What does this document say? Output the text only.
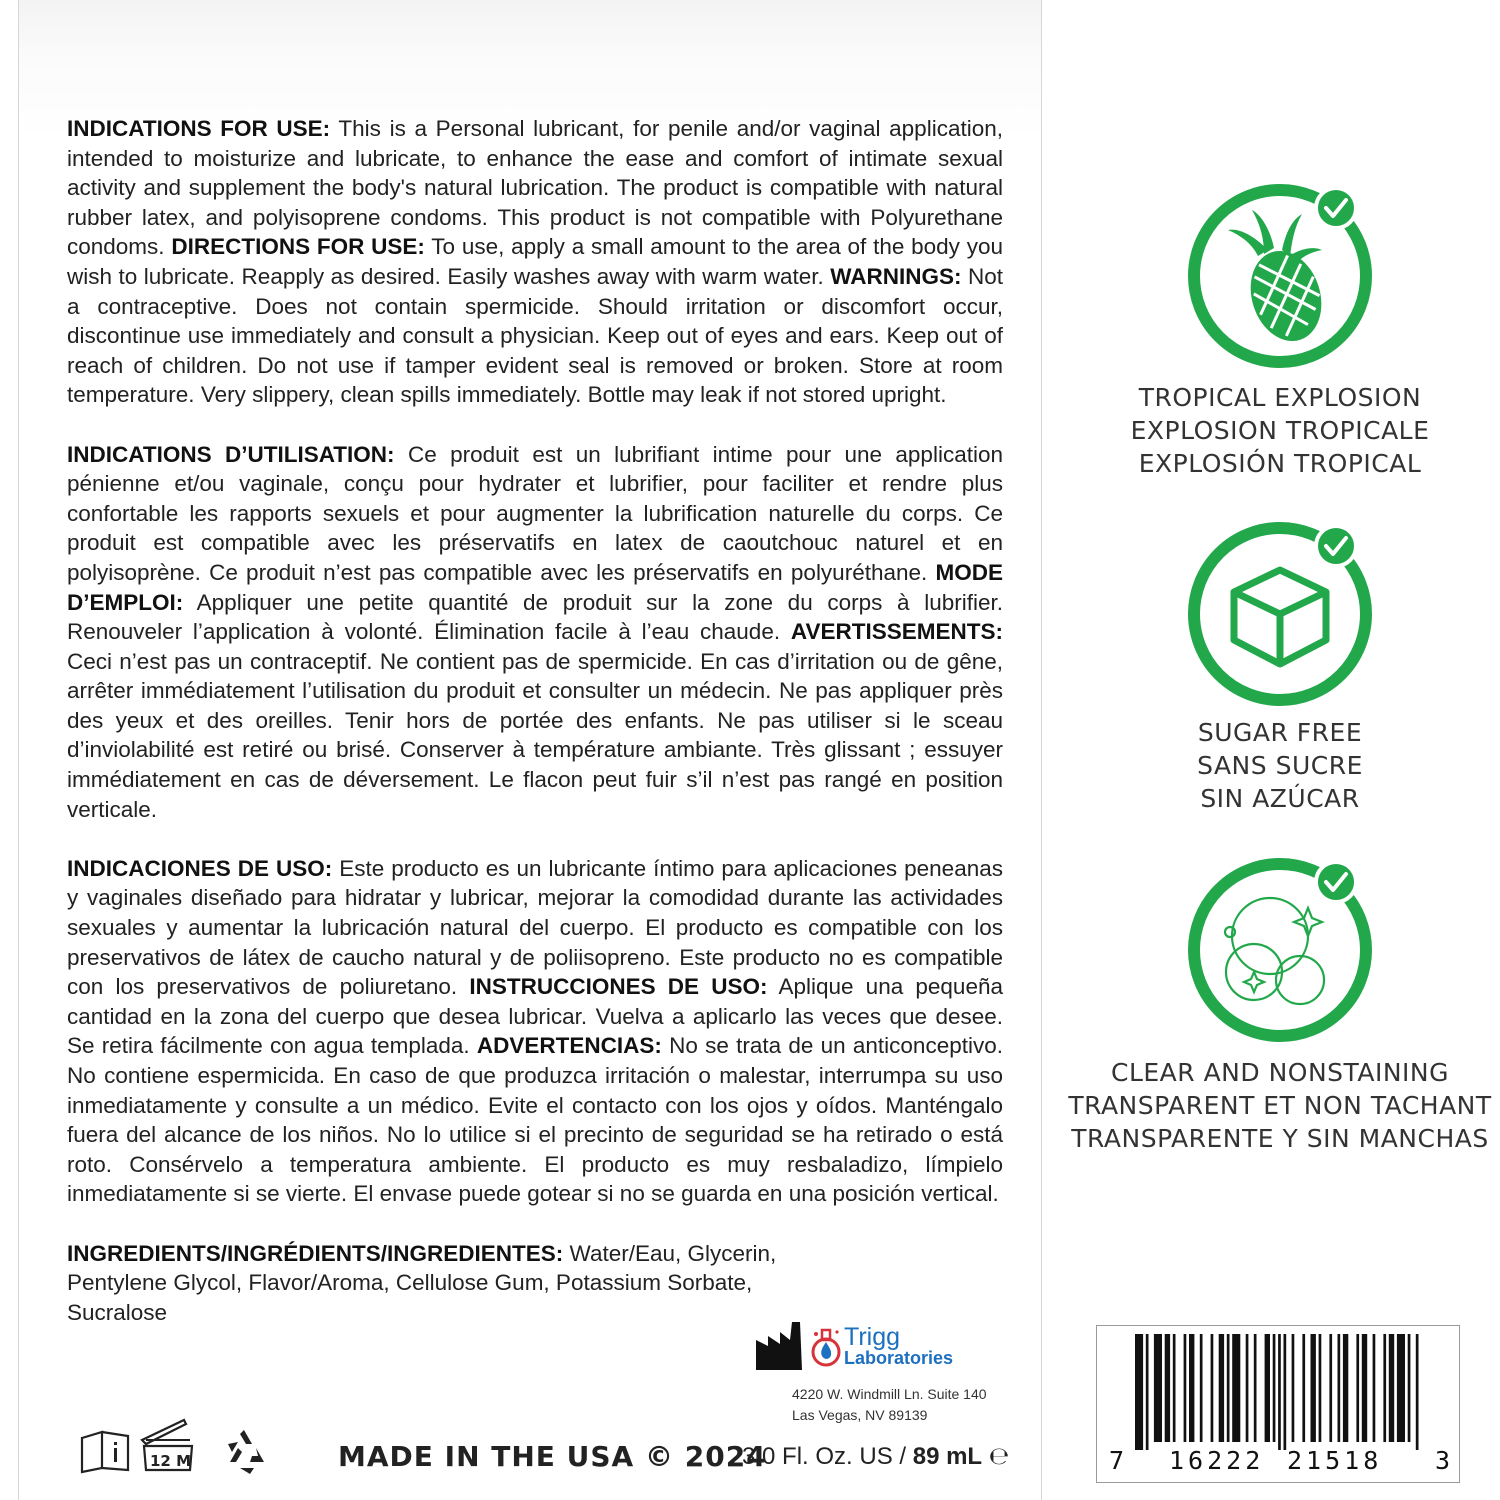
INDICATIONS FOR USE: This is a Personal lubricant, for penile and/or vaginal application, intended to moisturize and lubricate, to enhance the ease and comfort of intimate sexual activity and supplement the body's natural lubrication. The product is compatible with natural rubber latex, and polyisoprene condoms. This product is not compatible with Polyurethane condoms. DIRECTIONS FOR USE: To use, apply a small amount to the area of the body you wish to lubricate. Reapply as desired. Easily washes away with warm water. WARNINGS: Not a contraceptive. Does not contain spermicide. Should irritation or discomfort occur, discontinue use immediately and consult a physician. Keep out of eyes and ears. Keep out of reach of children. Do not use if tamper evident seal is removed or broken. Store at room temperature. Very slippery, clean spills immediately. Bottle may leak if not stored upright.

INDICATIONS D’UTILISATION: Ce produit est un lubrifiant intime pour une application pénienne et/ou vaginale, conçu pour hydrater et lubrifier, pour faciliter et rendre plus confortable les rapports sexuels et pour augmenter la lubrification naturelle du corps. Ce produit est compatible avec les préservatifs en latex de caoutchouc naturel et en polyisoprène. Ce produit n’est pas compatible avec les préservatifs en polyuréthane. MODE D’EMPLOI: Appliquer une petite quantité de produit sur la zone du corps à lubrifier. Renouveler l’application à volonté. Élimination facile à l’eau chaude. AVERTISSEMENTS: Ceci n’est pas un contraceptif. Ne contient pas de spermicide. En cas d’irritation ou de gêne, arrêter immédiatement l’utilisation du produit et consulter un médecin. Ne pas appliquer près des yeux et des oreilles. Tenir hors de portée des enfants. Ne pas utiliser si le sceau d’inviolabilité est retiré ou brisé. Conserver à température ambiante. Très glissant ; essuyer immédiatement en cas de déversement. Le flacon peut fuir s’il n’est pas rangé en position verticale.

INDICACIONES DE USO: Este producto es un lubricante íntimo para aplicaciones peneanas y vaginales diseñado para hidratar y lubricar, mejorar la comodidad durante las actividades sexuales y aumentar la lubricación natural del cuerpo. El producto es compatible con los preservativos de látex de caucho natural y de poliisopreno. Este producto no es compatible con los preservativos de poliuretano. INSTRUCCIONES DE USO: Aplique una pequeña cantidad en la zona del cuerpo que desea lubricar. Vuelva a aplicarlo las veces que desee. Se retira fácilmente con agua templada. ADVERTENCIAS: No se trata de un anticonceptivo. No contiene espermicida. En caso de que produzca irritación o malestar, interrumpa su uso inmediatamente y consulte a un médico. Evite el contacto con los ojos y oídos. Manténgalo fuera del alcance de los niños. No lo utilice si el precinto de seguridad se ha retirado o está roto. Consérvelo a temperatura ambiente. El producto es muy resbaladizo, límpielo inmediatamente si se vierte. El envase puede gotear si no se guarda en una posición vertical.

INGREDIENTS/INGRÉDIENTS/INGREDIENTES: Water/Eau, Glycerin, Pentylene Glycol, Flavor/Aroma, Cellulose Gum, Potassium Sorbate, Sucralose

Trigg
Laboratories
4220 W. Windmill Ln. Suite 140
Las Vegas, NV 89139
12 M	MADE IN THE USA © 2024
3.0 Fl. Oz. US / 89 mL ℮
TROPICAL EXPLOSION
EXPLOSION TROPICALE
EXPLOSIÓN TROPICAL
SUGAR FREE
SANS SUCRE
SIN AZÚCAR
CLEAR AND NONSTAINING
TRANSPARENT ET NON TACHANT
TRANSPARENTE Y SIN MANCHAS
7 16222 21518 3
